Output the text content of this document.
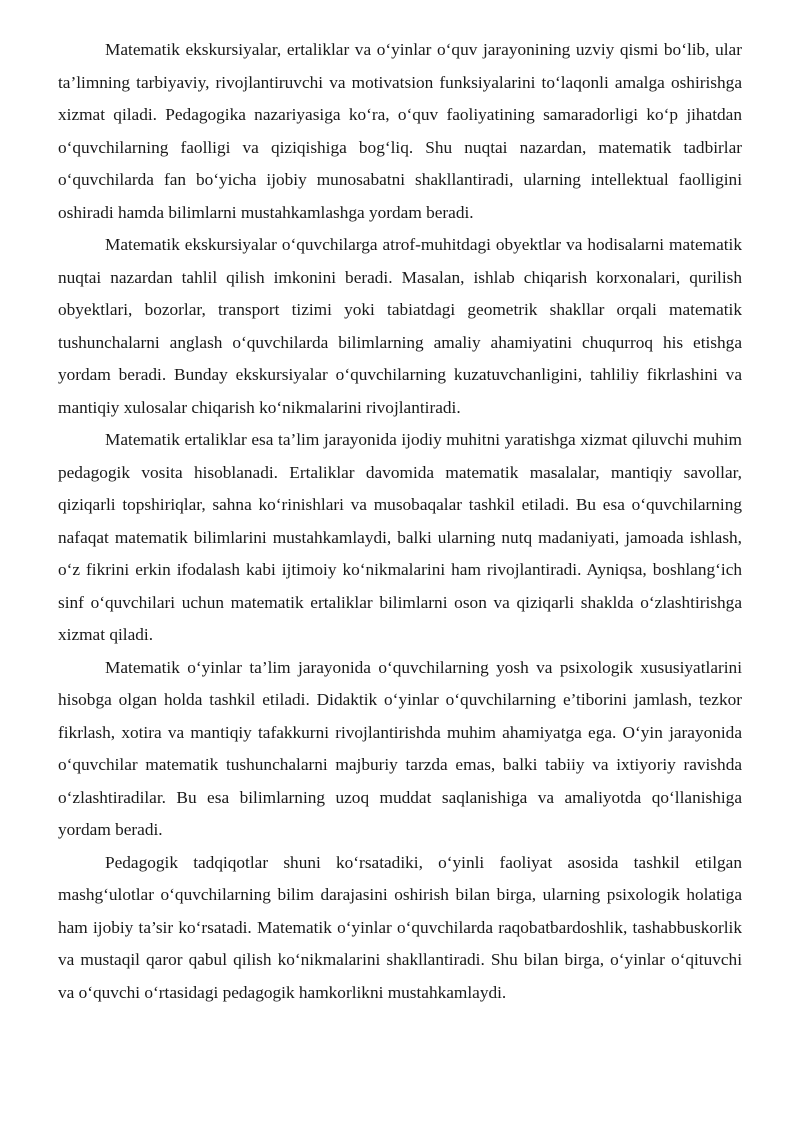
Matematik ekskursiyalar, ertaliklar va o‘yinlar o‘quv jarayonining uzviy qismi bo‘lib, ular ta’limning tarbiyaviy, rivojlantiruvchi va motivatsion funksiyalarini to‘laqonli amalga oshirishga xizmat qiladi. Pedagogika nazariyasiga ko‘ra, o‘quv faoliyatining samaradorligi ko‘p jihatdan o‘quvchilarning faolligi va qiziqishiga bog‘liq. Shu nuqtai nazardan, matematik tadbirlar o‘quvchilarda fan bo‘yicha ijobiy munosabatni shakllantiradi, ularning intellektual faolligini oshiradi hamda bilimlarni mustahkamlashga yordam beradi.

Matematik ekskursiyalar o‘quvchilarga atrof-muhitdagi obyektlar va hodisalarni matematik nuqtai nazardan tahlil qilish imkonini beradi. Masalan, ishlab chiqarish korxonalari, qurilish obyektlari, bozorlar, transport tizimi yoki tabiatdagi geometrik shakllar orqali matematik tushunchalarni anglash o‘quvchilarda bilimlarning amaliy ahamiyatini chuqurroq his etishga yordam beradi. Bunday ekskursiyalar o‘quvchilarning kuzatuvchanligini, tahliliy fikrlashini va mantiqiy xulosalar chiqarish ko‘nikmalarini rivojlantiradi.

Matematik ertaliklar esa ta’lim jarayonida ijodiy muhitni yaratishga xizmat qiluvchi muhim pedagogik vosita hisoblanadi. Ertaliklar davomida matematik masalalar, mantiqiy savollar, qiziqarli topshiriqlar, sahna ko‘rinishlari va musobaqalar tashkil etiladi. Bu esa o‘quvchilarning nafaqat matematik bilimlarini mustahkamlaydi, balki ularning nutq madaniyati, jamoada ishlash, o‘z fikrini erkin ifodalash kabi ijtimoiy ko‘nikmalarini ham rivojlantiradi. Ayniqsa, boshlang‘ich sinf o‘quvchilari uchun matematik ertaliklar bilimlarni oson va qiziqarli shaklda o‘zlashtirishga xizmat qiladi.

Matematik o‘yinlar ta’lim jarayonida o‘quvchilarning yosh va psixologik xususiyatlarini hisobga olgan holda tashkil etiladi. Didaktik o‘yinlar o‘quvchilarning e’tiborini jamlash, tezkor fikrlash, xotira va mantiqiy tafakkurni rivojlantirishda muhim ahamiyatga ega. O‘yin jarayonida o‘quvchilar matematik tushunchalarni majburiy tarzda emas, balki tabiiy va ixtiyoriy ravishda o‘zlashtiradilar. Bu esa bilimlarning uzoq muddat saqlanishiga va amaliyotda qo‘llanishiga yordam beradi.

Pedagogik tadqiqotlar shuni ko‘rsatadiki, o‘yinli faoliyat asosida tashkil etilgan mashg‘ulotlar o‘quvchilarning bilim darajasini oshirish bilan birga, ularning psixologik holatiga ham ijobiy ta’sir ko‘rsatadi. Matematik o‘yinlar o‘quvchilarda raqobatbardoshlik, tashabbuskorlik va mustaqil qaror qabul qilish ko‘nikmalarini shakllantiradi. Shu bilan birga, o‘yinlar o‘qituvchi va o‘quvchi o‘rtasidagi pedagogik hamkorlikni mustahkamlaydi.
